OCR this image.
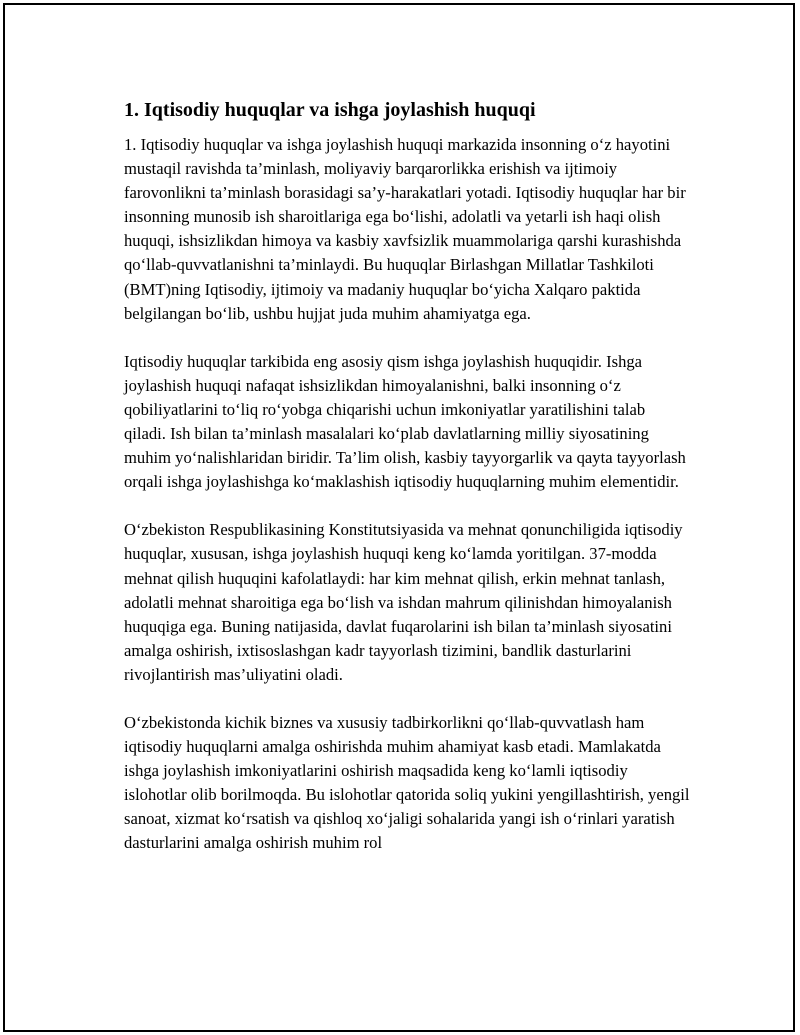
1. Iqtisodiy huquqlar va ishga joylashish huquqi

1. Iqtisodiy huquqlar va ishga joylashish huquqi markazida insonning o‘z hayotini mustaqil ravishda ta’minlash, moliyaviy barqarorlikka erishish va ijtimoiy farovonlikni ta’minlash borasidagi sa’y-harakatlari yotadi. Iqtisodiy huquqlar har bir insonning munosib ish sharoitlariga ega bo‘lishi, adolatli va yetarli ish haqi olish huquqi, ishsizlikdan himoya va kasbiy xavfsizlik muammolariga qarshi kurashishda qo‘llab-quvvatlanishni ta’minlaydi. Bu huquqlar Birlashgan Millatlar Tashkiloti (BMT)ning Iqtisodiy, ijtimoiy va madaniy huquqlar bo‘yicha Xalqaro paktida belgilangan bo‘lib, ushbu hujjat juda muhim ahamiyatga ega.

Iqtisodiy huquqlar tarkibida eng asosiy qism ishga joylashish huquqidir. Ishga joylashish huquqi nafaqat ishsizlikdan himoyalanishni, balki insonning o‘z qobiliyatlarini to‘liq ro‘yobga chiqarishi uchun imkoniyatlar yaratilishini talab qiladi. Ish bilan ta’minlash masalalari ko‘plab davlatlarning milliy siyosatining muhim yo‘nalishlaridan biridir. Ta’lim olish, kasbiy tayyorgarlik va qayta tayyorlash orqali ishga joylashishga ko‘maklashish iqtisodiy huquqlarning muhim elementidir.

O‘zbekiston Respublikasining Konstitutsiyasida va mehnat qonunchiligida iqtisodiy huquqlar, xususan, ishga joylashish huquqi keng ko‘lamda yoritilgan. 37-modda mehnat qilish huquqini kafolatlaydi: har kim mehnat qilish, erkin mehnat tanlash, adolatli mehnat sharoitiga ega bo‘lish va ishdan mahrum qilinishdan himoyalanish huquqiga ega. Buning natijasida, davlat fuqarolarini ish bilan ta’minlash siyosatini amalga oshirish, ixtisoslashgan kadr tayyorlash tizimini, bandlik dasturlarini rivojlantirish mas’uliyatini oladi.

O‘zbekistonda kichik biznes va xususiy tadbirkorlikni qo‘llab-quvvatlash ham iqtisodiy huquqlarni amalga oshirishda muhim ahamiyat kasb etadi. Mamlakatda ishga joylashish imkoniyatlarini oshirish maqsadida keng ko‘lamli iqtisodiy islohotlar olib borilmoqda. Bu islohotlar qatorida soliq yukini yengillashtirish, yengil sanoat, xizmat ko‘rsatish va qishloq xo‘jaligi sohalarida yangi ish o‘rinlari yaratish dasturlarini amalga oshirish muhim rol
